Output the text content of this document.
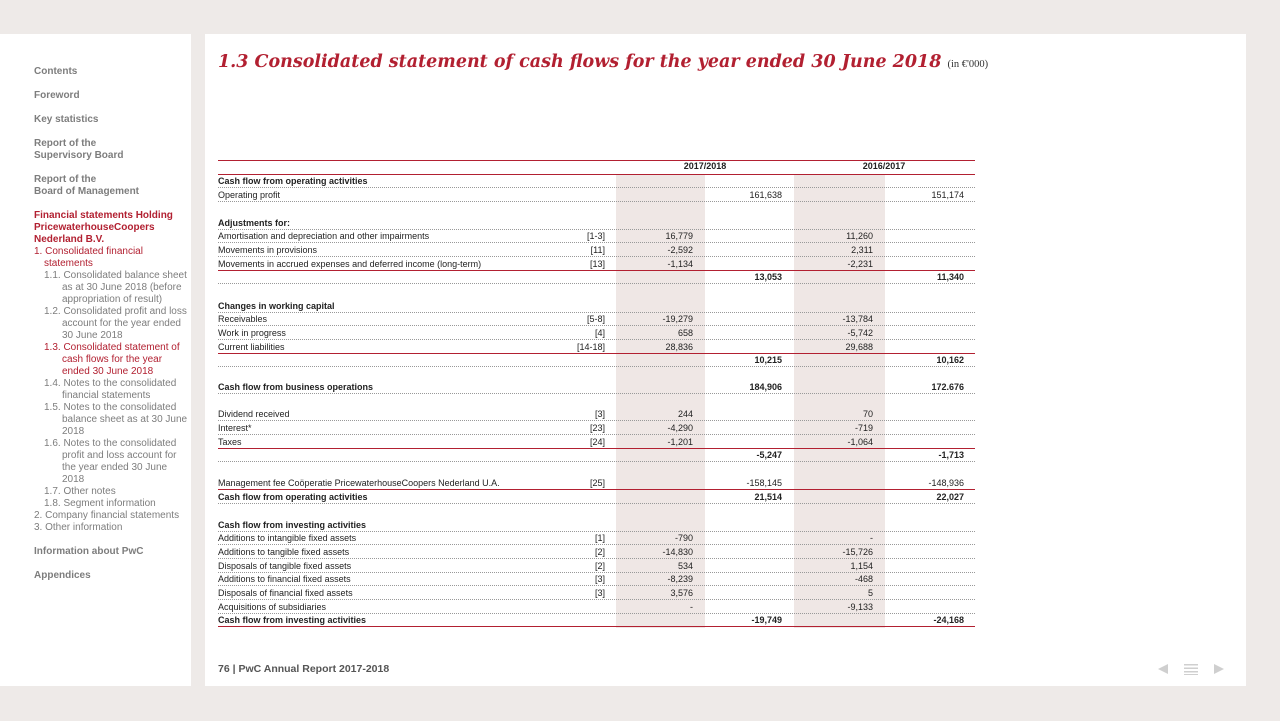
Contents
Foreword
Key statistics
Report of the
Supervisory Board
Report of the
Board of Management
Financial statements Holding
PricewaterhouseCoopers
Nederland B.V.
1. Consolidated financial statements
1.1. Consolidated balance sheet as at 30 June 2018 (before appropriation of result)
1.2. Consolidated profit and loss account for the year ended 30 June 2018
1.3. Consolidated statement of cash flows for the year ended 30 June 2018
1.4. Notes to the consolidated financial statements
1.5. Notes to the consolidated balance sheet as at 30 June 2018
1.6. Notes to the consolidated profit and loss account for the year ended 30 June 2018
1.7. Other notes
1.8. Segment information
2. Company financial statements
3. Other information
Information about PwC
Appendices
1.3 Consolidated statement of cash flows for the year ended 30 June 2018 (in €'000)
2017/2018	2016/2017
Cash flow from operating activities
Operating profit	161,638	151,174
Adjustments for:
Amortisation and depreciation and other impairments	[1-3]	16,779	11,260
Movements in provisions	[11]	-2,592	2,311
Movements in accrued expenses and deferred income (long-term)	[13]	-1,134	-2,231
13,053	11,340
Changes in working capital
Receivables	[5-8]	-19,279	-13,784
Work in progress	[4]	658	-5,742
Current liabilities	[14-18]	28,836	29,688
10,215	10,162
Cash flow from business operations	184,906	172.676
Dividend received	[3]	244	70
Interest*	[23]	-4,290	-719
Taxes	[24]	-1,201	-1,064
-5,247	-1,713
Management fee Coöperatie PricewaterhouseCoopers Nederland U.A.	[25]	-158,145	-148,936
Cash flow from operating activities	21,514	22,027
Cash flow from investing activities
Additions to intangible fixed assets	[1]	-790	-
Additions to tangible fixed assets	[2]	-14,830	-15,726
Disposals of tangible fixed assets	[2]	534	1,154
Additions to financial fixed assets	[3]	-8,239	-468
Disposals of financial fixed assets	[3]	3,576	5
Acquisitions of subsidiaries	-	-9,133
Cash flow from investing activities	-19,749	-24,168
76 | PwC Annual Report 2017-2018
